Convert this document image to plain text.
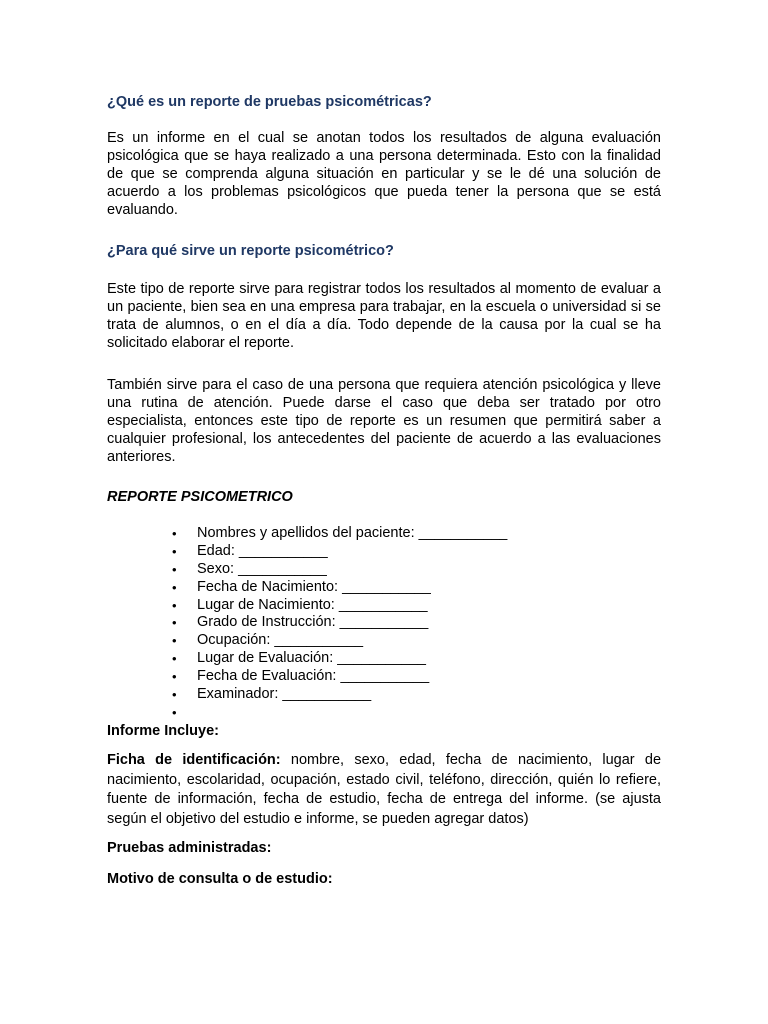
¿Qué es un reporte de pruebas psicométricas?

Es un informe en el cual se anotan todos los resultados de alguna evaluación psicológica que se haya realizado a una persona determinada. Esto con la finalidad de que se comprenda alguna situación en particular y se le dé una solución de acuerdo a los problemas psicológicos que pueda tener la persona que se está evaluando.

¿Para qué sirve un reporte psicométrico?

Este tipo de reporte sirve para registrar todos los resultados al momento de evaluar a un paciente, bien sea en una empresa para trabajar, en la escuela o universidad si se trata de alumnos, o en el día a día. Todo depende de la causa por la cual se ha solicitado elaborar el reporte.

También sirve para el caso de una persona que requiera atención psicológica y lleve una rutina de atención. Puede darse el caso que deba ser tratado por otro especialista, entonces este tipo de reporte es un resumen que permitirá saber a cualquier profesional, los antecedentes del paciente de acuerdo a las evaluaciones anteriores.

REPORTE PSICOMETRICO

• Nombres y apellidos del paciente: ___________
• Edad: ___________
• Sexo: ___________
• Fecha de Nacimiento: ___________
• Lugar de Nacimiento: ___________
• Grado de Instrucción: ___________
• Ocupación: ___________
• Lugar de Evaluación: ___________
• Fecha de Evaluación: ___________
• Examinador: ___________
•

Informe Incluye:

Ficha de identificación: nombre, sexo, edad, fecha de nacimiento, lugar de nacimiento, escolaridad, ocupación, estado civil, teléfono, dirección, quién lo refiere, fuente de información, fecha de estudio, fecha de entrega del informe. (se ajusta según el objetivo del estudio e informe, se pueden agregar datos)

Pruebas administradas:

Motivo de consulta o de estudio:
